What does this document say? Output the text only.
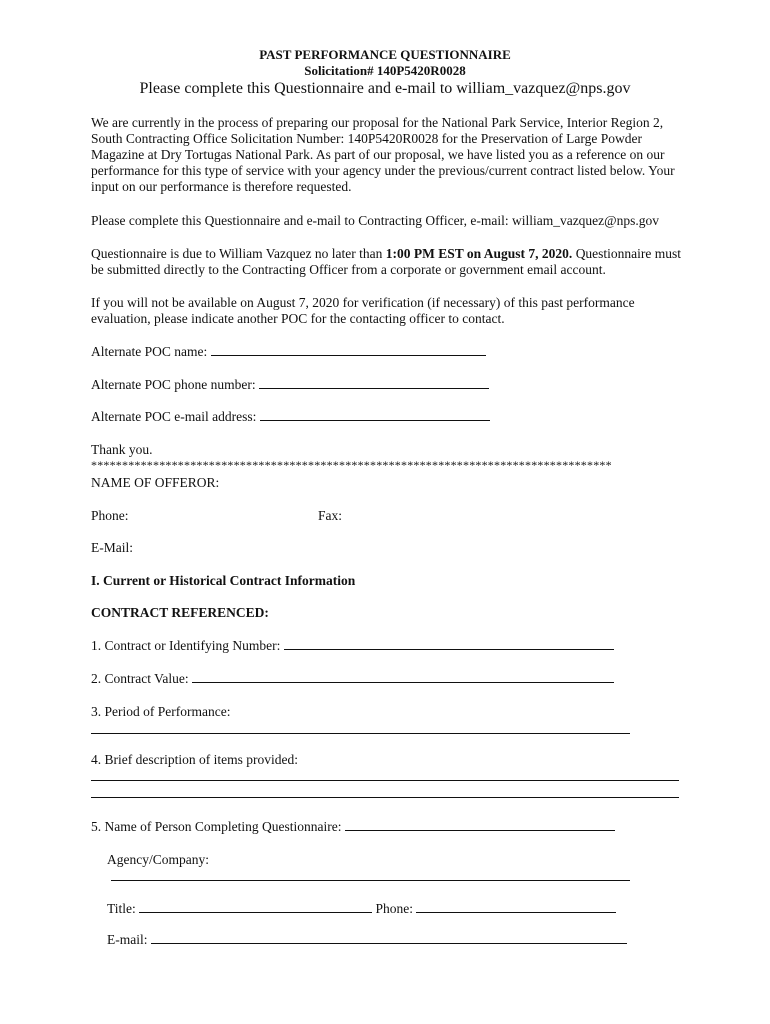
PAST PERFORMANCE QUESTIONNAIRE
Solicitation# 140P5420R0028
Please complete this Questionnaire and e-mail to william_vazquez@nps.gov
We are currently in the process of preparing our proposal for the National Park Service, Interior Region 2, South Contracting Office Solicitation Number: 140P5420R0028 for the Preservation of Large Powder Magazine at Dry Tortugas National Park. As part of our proposal, we have listed you as a reference on our performance for this type of service with your agency under the previous/current contract listed below. Your input on our performance is therefore requested.
Please complete this Questionnaire and e-mail to Contracting Officer, e-mail: william_vazquez@nps.gov
Questionnaire is due to William Vazquez no later than 1:00 PM EST on August 7, 2020. Questionnaire must be submitted directly to the Contracting Officer from a corporate or government email account.
If you will not be available on August 7, 2020 for verification (if necessary) of this past performance evaluation, please indicate another POC for the contacting officer to contact.
Alternate POC name:
Alternate POC phone number:
Alternate POC e-mail address:
Thank you.
************************************************************************************
NAME OF OFFEROR:
Phone:	Fax:
E-Mail:
I. Current or Historical Contract Information
CONTRACT REFERENCED:
1. Contract or Identifying Number:
2. Contract Value:
3. Period of Performance:
4. Brief description of items provided:
5. Name of Person Completing Questionnaire:
Agency/Company:
Title:	Phone:
E-mail:
